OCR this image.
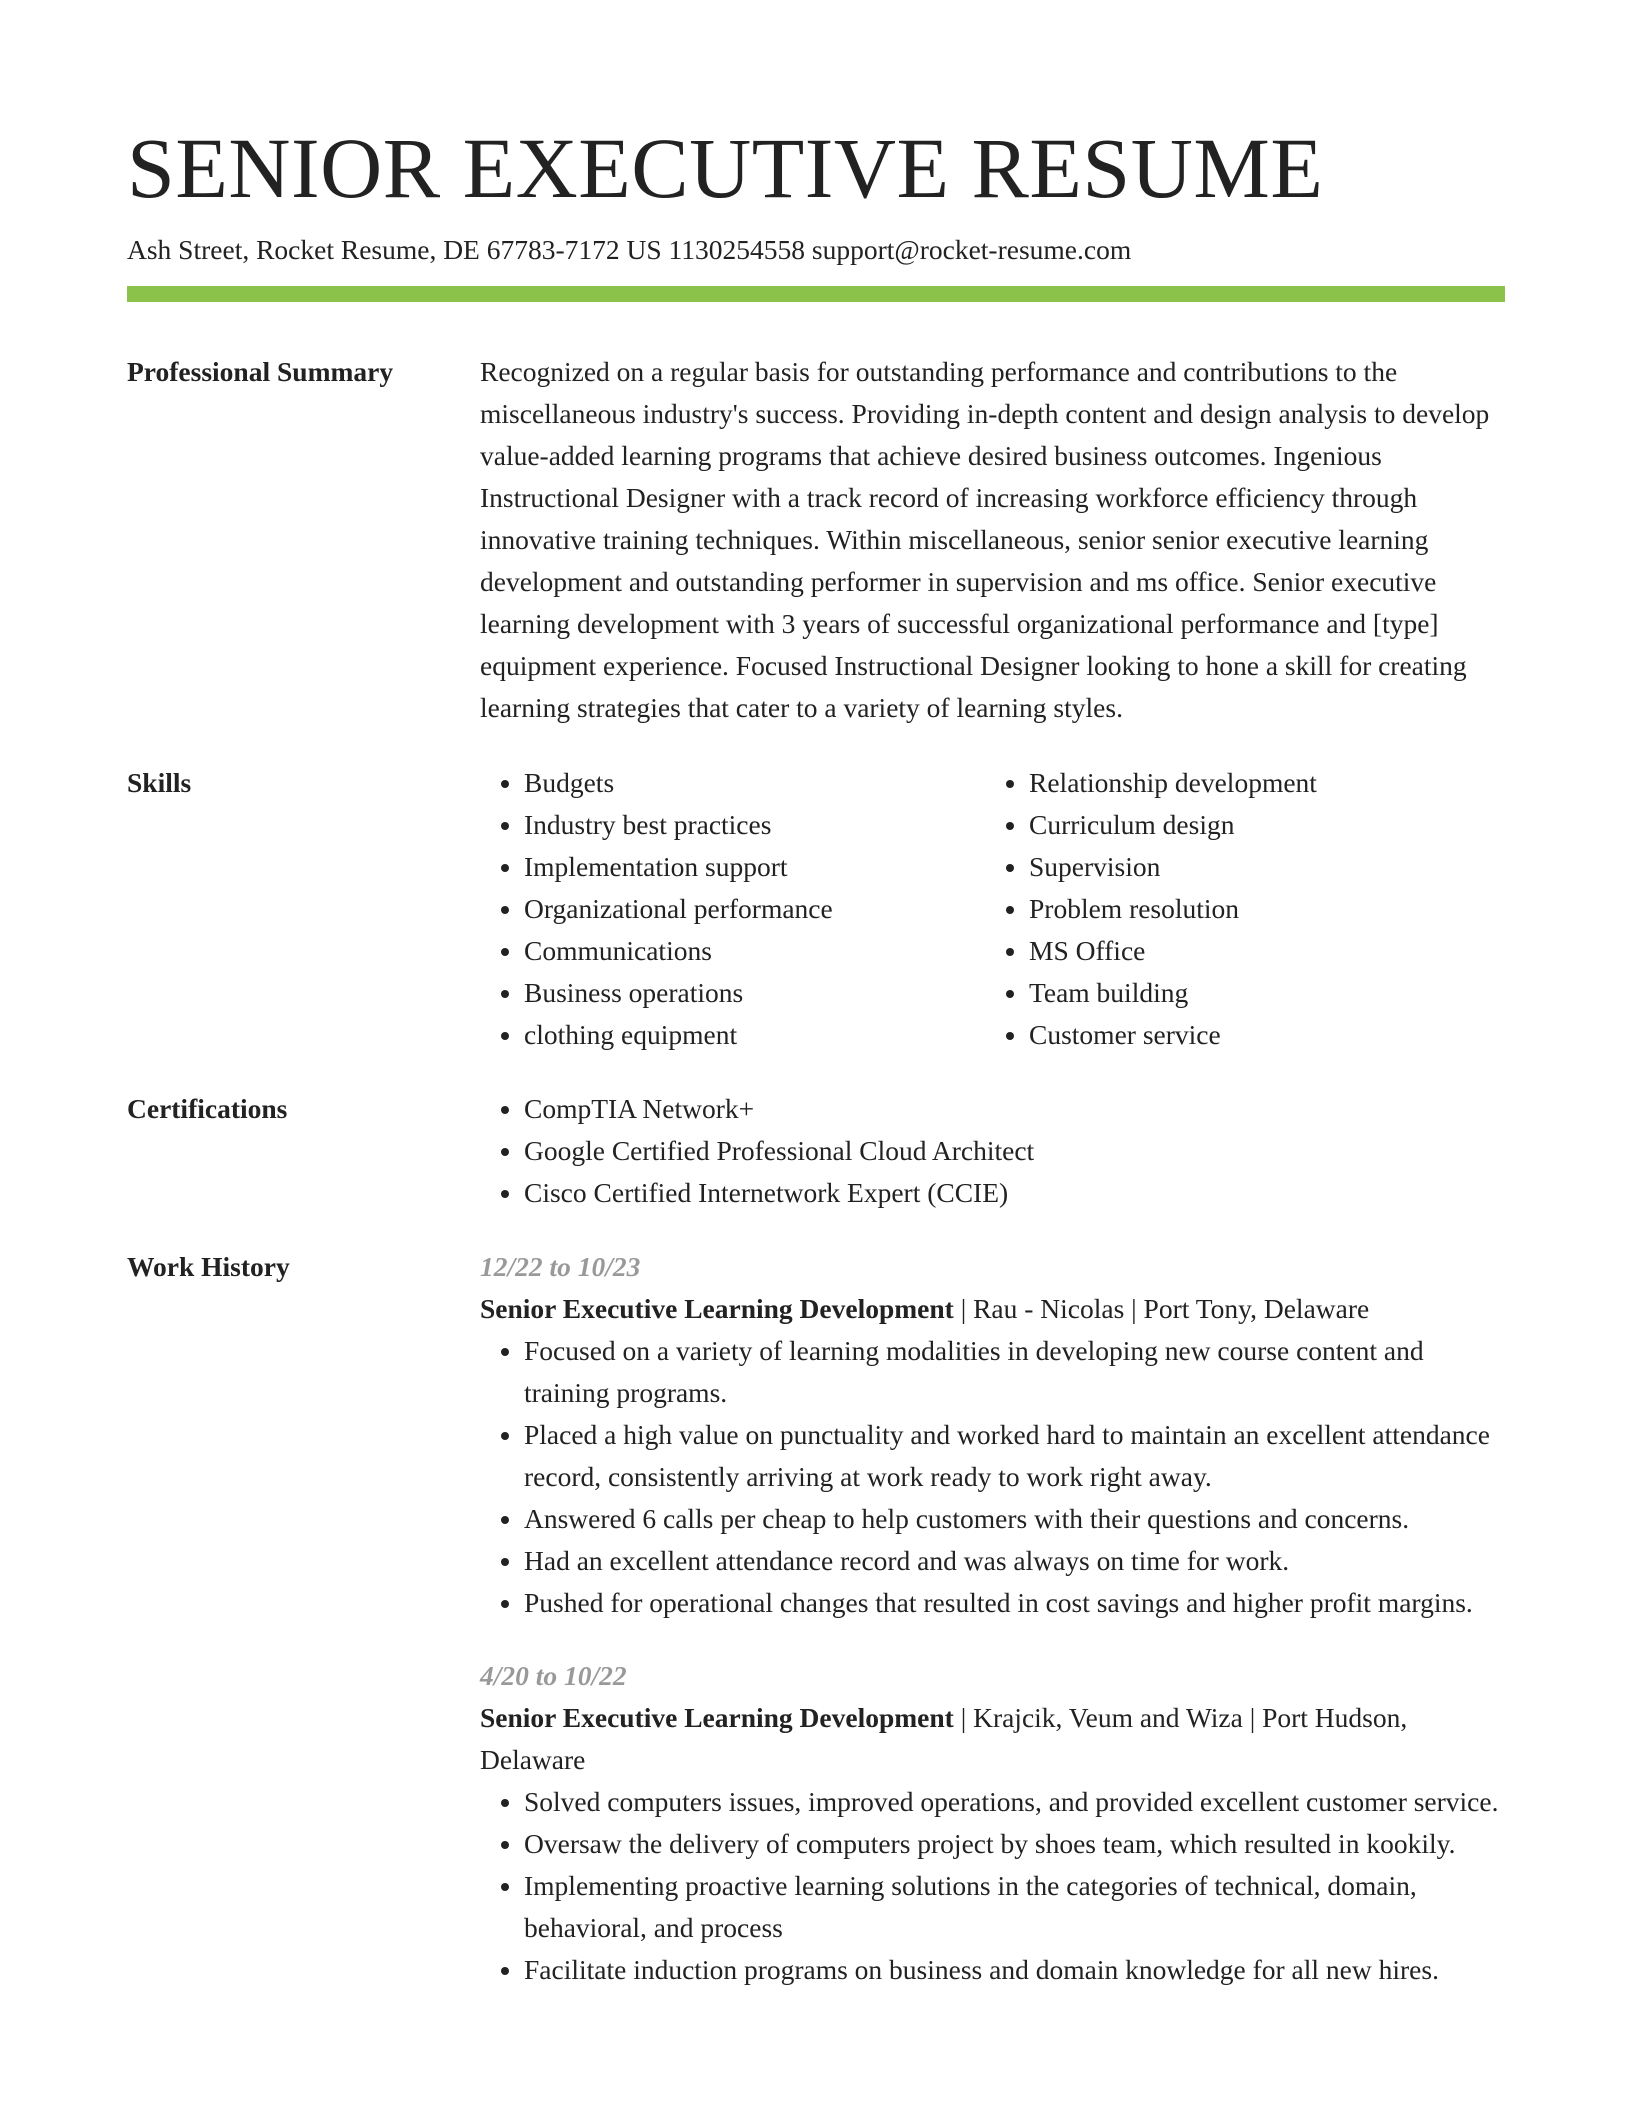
SENIOR EXECUTIVE RESUME
Ash Street, Rocket Resume, DE 67783-7172 US 1130254558 support@rocket-resume.com
Professional Summary	Recognized on a regular basis for outstanding performance and contributions to the miscellaneous industry's success. Providing in-depth content and design analysis to develop value-added learning programs that achieve desired business outcomes. Ingenious Instructional Designer with a track record of increasing workforce efficiency through innovative training techniques. Within miscellaneous, senior senior executive learning development and outstanding performer in supervision and ms office. Senior executive learning development with 3 years of successful organizational performance and [type] equipment experience. Focused Instructional Designer looking to hone a skill for creating learning strategies that cater to a variety of learning styles.

Skills	• Budgets
• Industry best practices
• Implementation support
• Organizational performance
• Communications
• Business operations
• clothing equipment
• Relationship development
• Curriculum design
• Supervision
• Problem resolution
• MS Office
• Team building
• Customer service
Certifications	• CompTIA Network+
• Google Certified Professional Cloud Architect
• Cisco Certified Internetwork Expert (CCIE)
Work History	12/22 to 10/23

Senior Executive Learning Development | Rau - Nicolas | Port Tony, Delaware

• Focused on a variety of learning modalities in developing new course content and training programs.
• Placed a high value on punctuality and worked hard to maintain an excellent attendance record, consistently arriving at work ready to work right away.
• Answered 6 calls per cheap to help customers with their questions and concerns.
• Had an excellent attendance record and was always on time for work.
• Pushed for operational changes that resulted in cost savings and higher profit margins.
4/20 to 10/22

Senior Executive Learning Development | Krajcik, Veum and Wiza | Port Hudson, Delaware

• Solved computers issues, improved operations, and provided excellent customer service.
• Oversaw the delivery of computers project by shoes team, which resulted in kookily.
• Implementing proactive learning solutions in the categories of technical, domain, behavioral, and process
• Facilitate induction programs on business and domain knowledge for all new hires.
